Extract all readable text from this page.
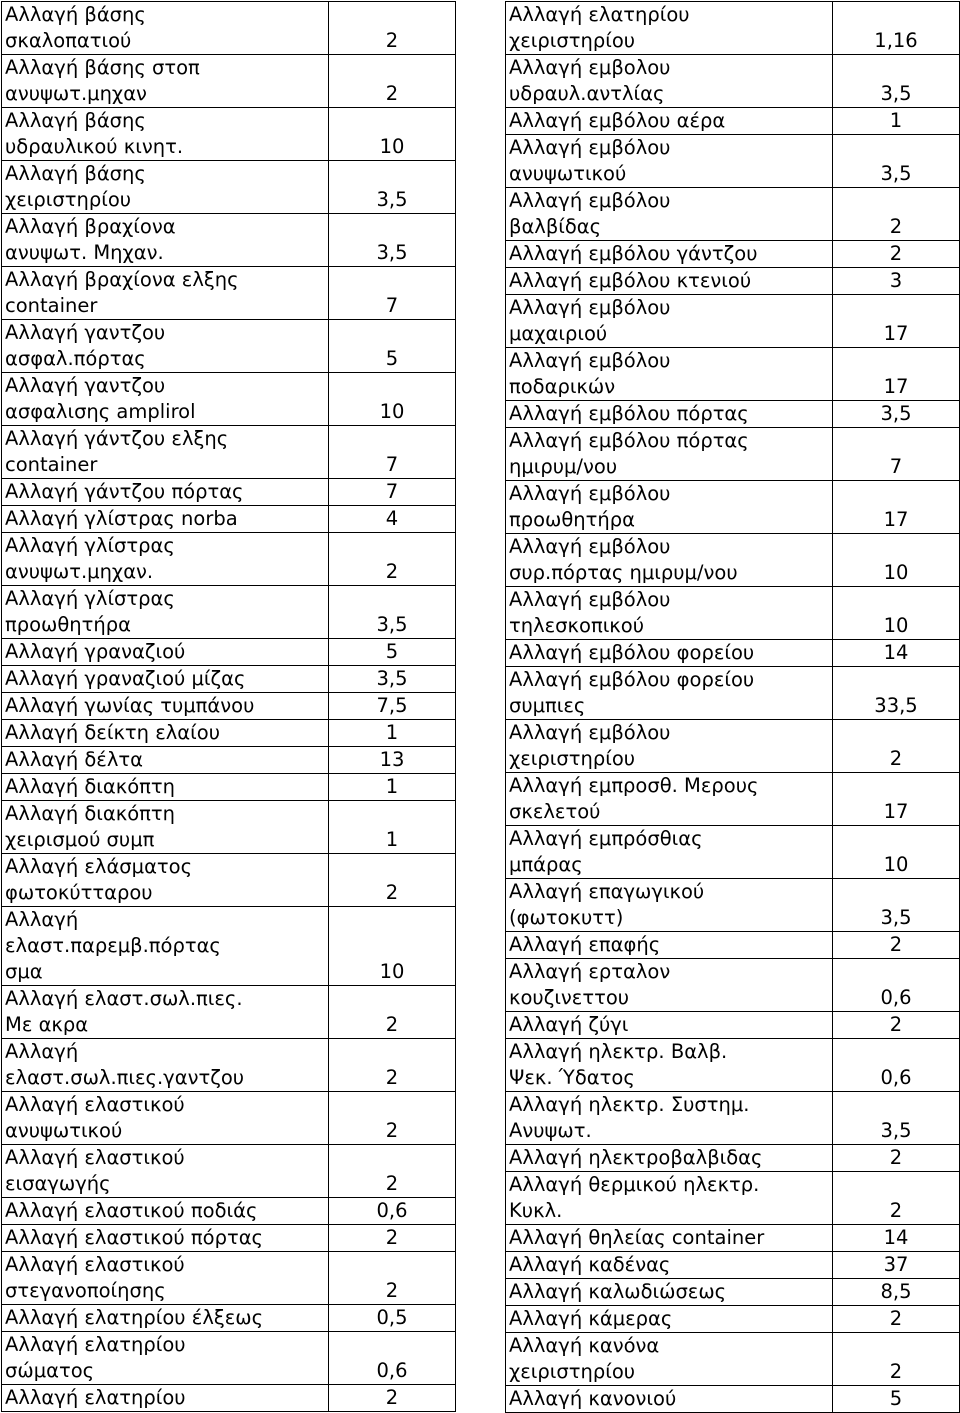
Αλλαγή βάσης
σκαλοπατιού	2
Αλλαγή βάσης στοπ
ανυψωτ.μηχαν	2
Αλλαγή βάσης
υδραυλικού κινητ.	10
Αλλαγή βάσης
χειριστηρίου	3,5
Αλλαγή βραχίονα
ανυψωτ. Μηχαν.	3,5
Αλλαγή βραχίονα ελξης
container	7
Αλλαγή γαντζου
ασφαλ.πόρτας	5
Αλλαγή γαντζου
ασφαλισης amplirol	10
Αλλαγή γάντζου ελξης
container	7
Αλλαγή γάντζου πόρτας	7
Αλλαγή γλίστρας norba	4
Αλλαγή γλίστρας
ανυψωτ.μηχαν.	2
Αλλαγή γλίστρας
προωθητήρα	3,5
Αλλαγή γραναζιού	5
Αλλαγή γραναζιού μίζας	3,5
Αλλαγή γωνίας τυμπάνου	7,5
Αλλαγή δείκτη ελαίου	1
Αλλαγή δέλτα	13
Αλλαγή διακόπτη	1
Αλλαγή διακόπτη
χειρισμού συμπ	1
Αλλαγή ελάσματος
φωτοκύτταρου	2
Αλλαγή
ελαστ.παρεμβ.πόρτας
σμα	10
Αλλαγή ελαστ.σωλ.πιες.
Με ακρα	2
Αλλαγή
ελαστ.σωλ.πιες.γαντζου	2
Αλλαγή ελαστικού
ανυψωτικού	2
Αλλαγή ελαστικού
εισαγωγής	2
Αλλαγή ελαστικού ποδιάς	0,6
Αλλαγή ελαστικού πόρτας	2
Αλλαγή ελαστικού
στεγανοποίησης	2
Αλλαγή ελατηρίου έλξεως	0,5
Αλλαγή ελατηρίου
σώματος	0,6
Αλλαγή ελατηρίου	2
Αλλαγή ελατηρίου
χειριστηρίου	1,16
Αλλαγή εμβολου
υδραυλ.αντλίας	3,5
Αλλαγή εμβόλου αέρα	1
Αλλαγή εμβόλου
ανυψωτικού	3,5
Αλλαγή εμβόλου
βαλβίδας	2
Αλλαγή εμβόλου γάντζου	2
Αλλαγή εμβόλου κτενιού	3
Αλλαγή εμβόλου
μαχαιριού	17
Αλλαγή εμβόλου
ποδαρικών	17
Αλλαγή εμβόλου πόρτας	3,5
Αλλαγή εμβόλου πόρτας
ημιρυμ/νου	7
Αλλαγή εμβόλου
προωθητήρα	17
Αλλαγή εμβόλου
συρ.πόρτας ημιρυμ/νου	10
Αλλαγή εμβόλου
τηλεσκοπικού	10
Αλλαγή εμβόλου φορείου	14
Αλλαγή εμβόλου φορείου
συμπιες	33,5
Αλλαγή εμβόλου
χειριστηρίου	2
Αλλαγή εμπροσθ. Μερους
σκελετού	17
Αλλαγή εμπρόσθιας
μπάρας	10
Αλλαγή επαγωγικού
(φωτοκυττ)	3,5
Αλλαγή επαφής	2
Αλλαγή ερταλον
κουζινεττου	0,6
Αλλαγή ζύγι	2
Αλλαγή ηλεκτρ. Βαλβ.
Ψεκ. Ύδατος	0,6
Αλλαγή ηλεκτρ. Συστημ.
Ανυψωτ.	3,5
Αλλαγή ηλεκτροβαλβιδας	2
Αλλαγή θερμικού ηλεκτρ.
Κυκλ.	2
Αλλαγή θηλείας container	14
Αλλαγή καδένας	37
Αλλαγή καλωδιώσεως	8,5
Αλλαγή κάμερας	2
Αλλαγή κανόνα
χειριστηρίου	2
Αλλαγή κανονιού	5
